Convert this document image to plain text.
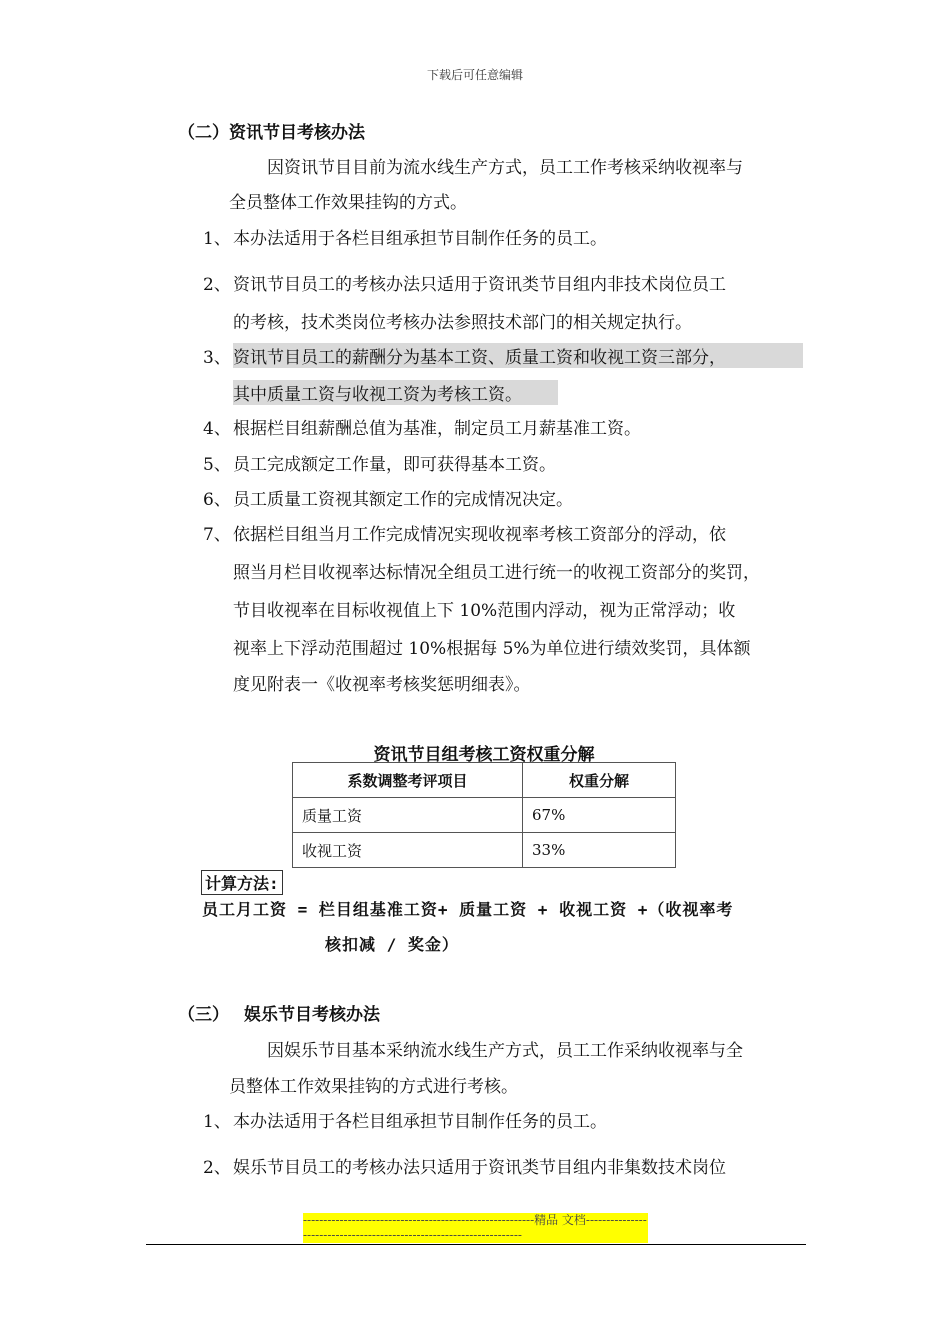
下载后可任意编辑
（二）资讯节目考核办法
因资讯节目目前为流水线生产方式，员工工作考核采纳收视率与
全员整体工作效果挂钩的方式。
1、 本办法适用于各栏目组承担节目制作任务的员工。
2、 资讯节目员工的考核办法只适用于资讯类节目组内非技术岗位员工
的考核，技术类岗位考核办法参照技术部门的相关规定执行。
3、 资讯节目员工的薪酬分为基本工资、质量工资和收视工资三部分，
其中质量工资与收视工资为考核工资。
4、 根据栏目组薪酬总值为基准，制定员工月薪基准工资。
5、 员工完成额定工作量，即可获得基本工资。
6、 员工质量工资视其额定工作的完成情况决定。
7、 依据栏目组当月工作完成情况实现收视率考核工资部分的浮动，依
照当月栏目收视率达标情况全组员工进行统一的收视工资部分的奖罚，
节目收视率在目标收视值上下 10%范围内浮动，视为正常浮动；收
视率上下浮动范围超过 10%根据每 5%为单位进行绩效奖罚，具体额
度见附表一《收视率考核奖惩明细表》。
资讯节目组考核工资权重分解
系数调整考评项目	权重分解
质量工资	67%
收视工资	33%
计算方法:
员工月工资 = 栏目组基准工资+ 质量工资 + 收视工资 +（收视率考
核扣减 / 奖金）
（三） 娱乐节目考核办法
因娱乐节目基本采纳流水线生产方式，员工工作采纳收视率与全
员整体工作效果挂钩的方式进行考核。
1、 本办法适用于各栏目组承担节目制作任务的员工。
2、 娱乐节目员工的考核办法只适用于资讯类节目组内非集数技术岗位
---------------------------------------------------------精品 文档---------------------------------------------------------------------
